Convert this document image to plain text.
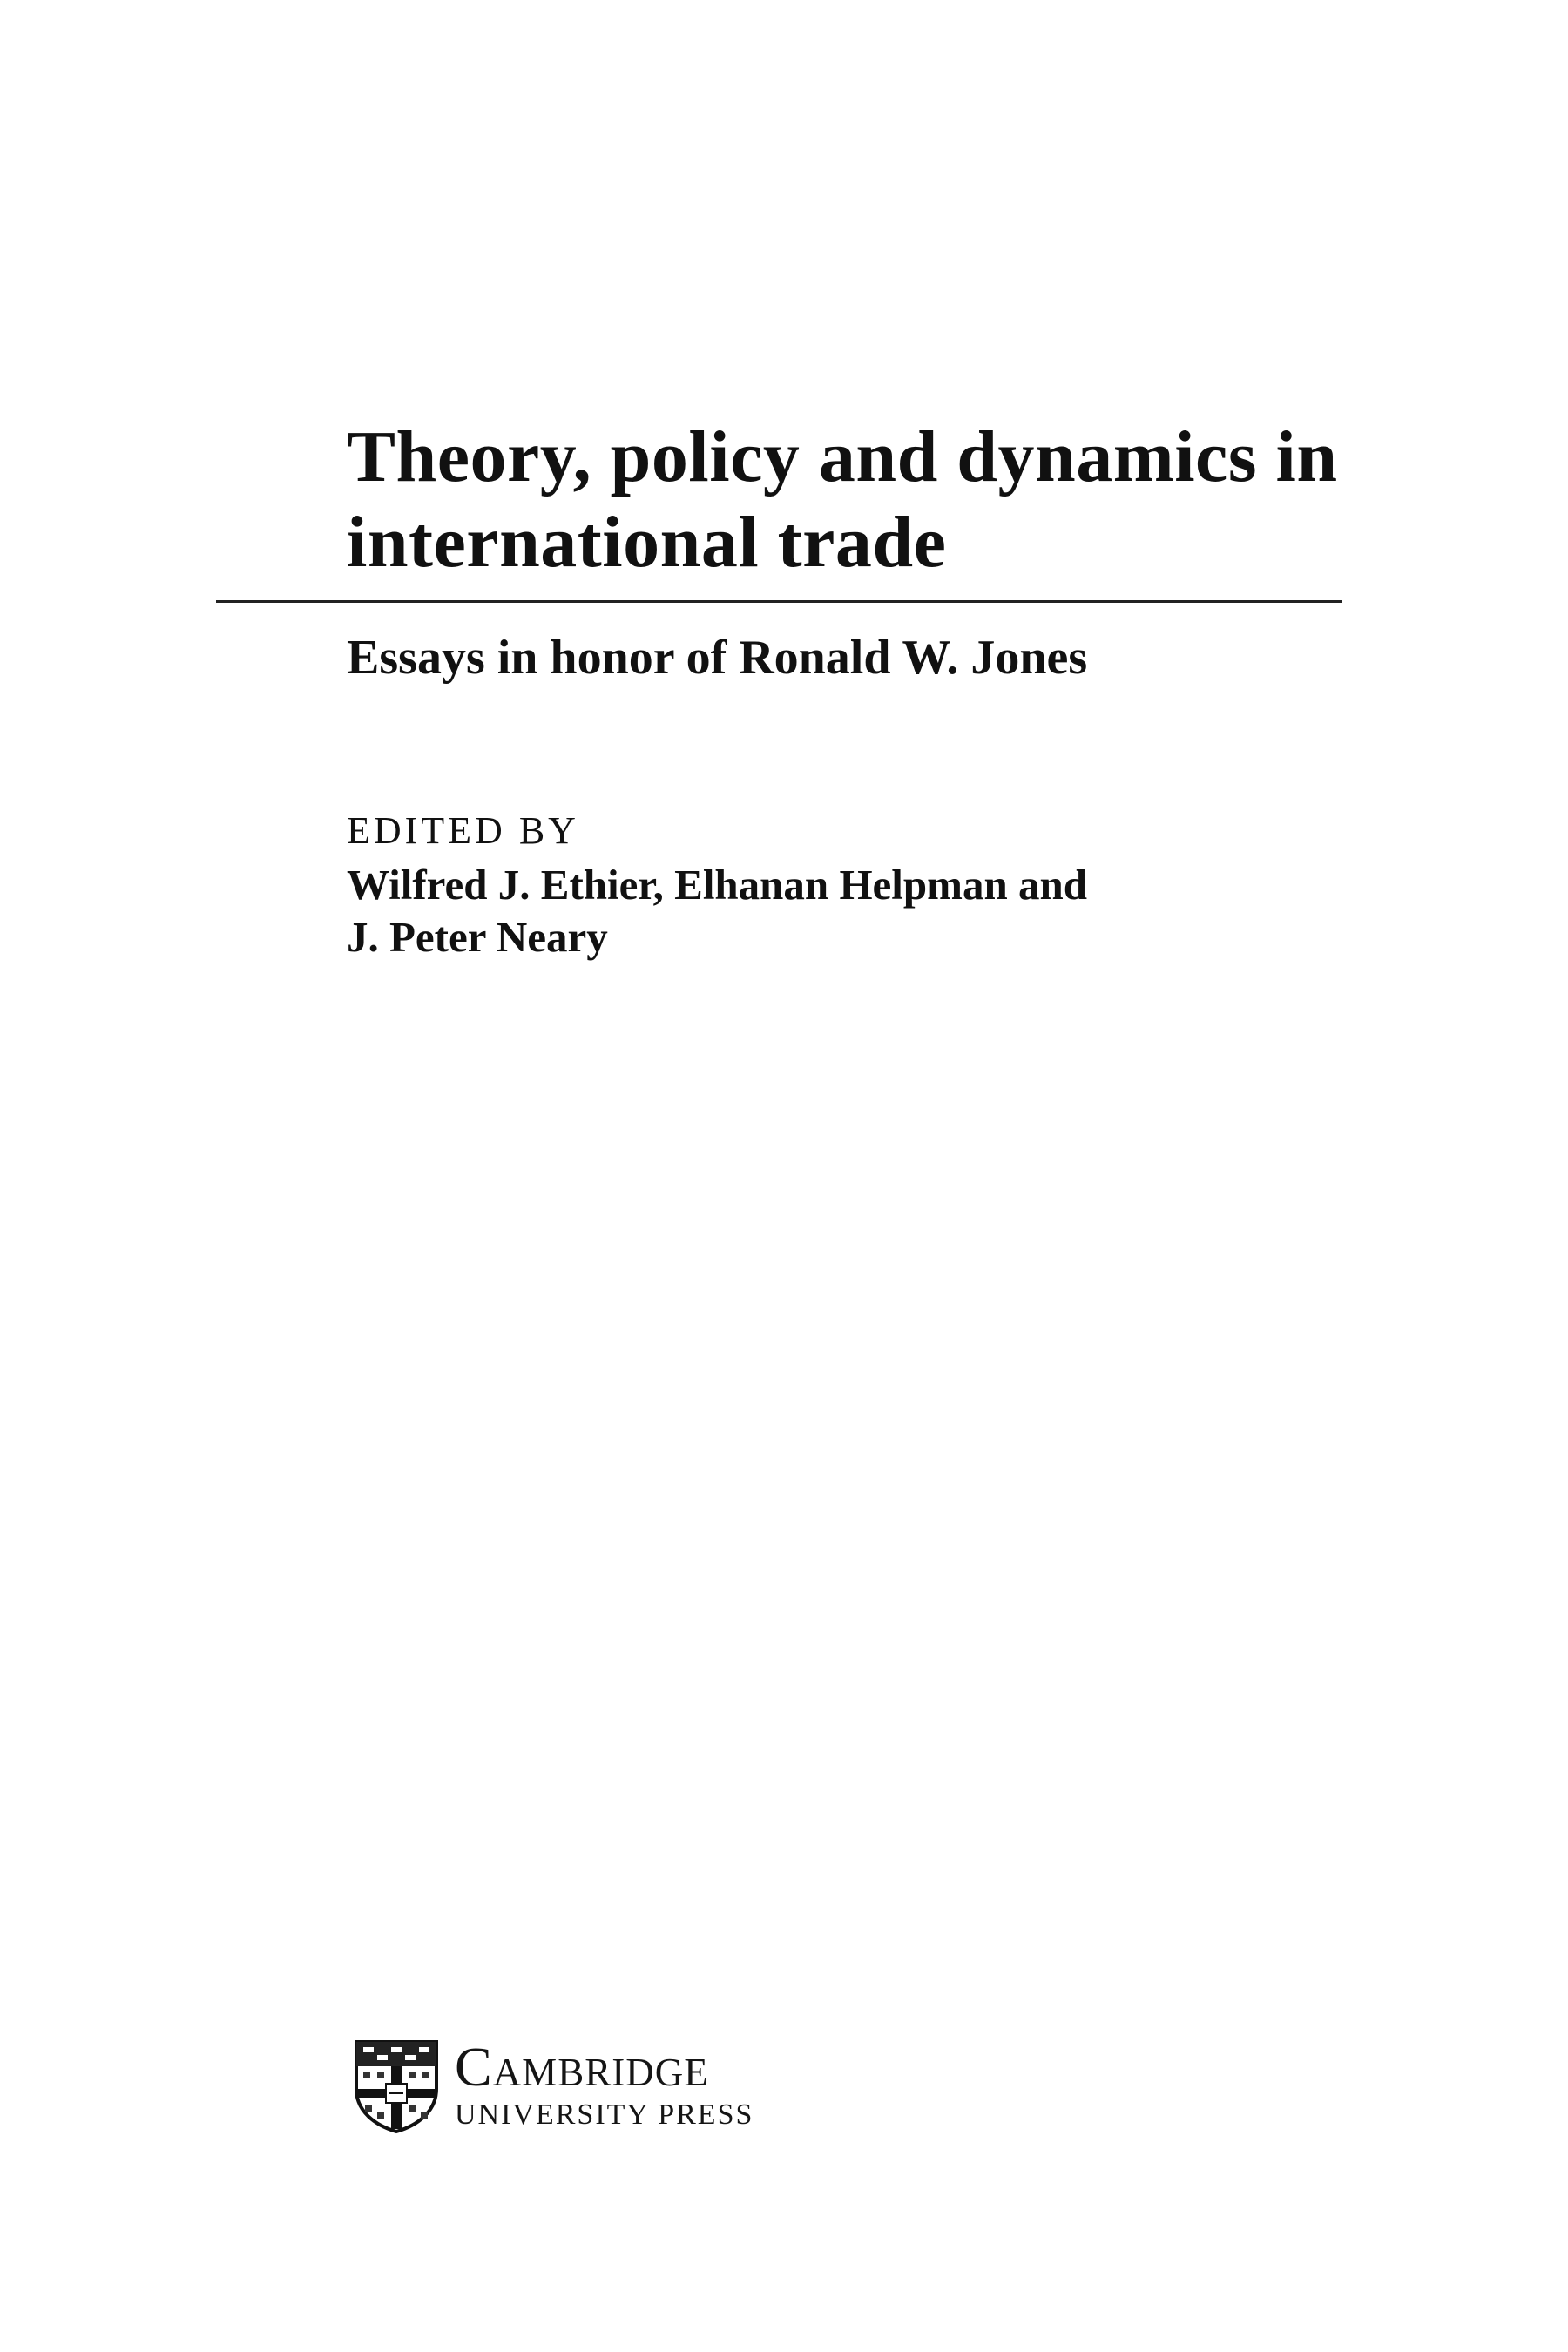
Theory, policy and dynamics in
international trade
Essays in honor of Ronald W. Jones

EDITED BY

Wilfred J. Ethier, Elhanan Helpman and
J. Peter Neary

Cambridge
UNIVERSITY PRESS
